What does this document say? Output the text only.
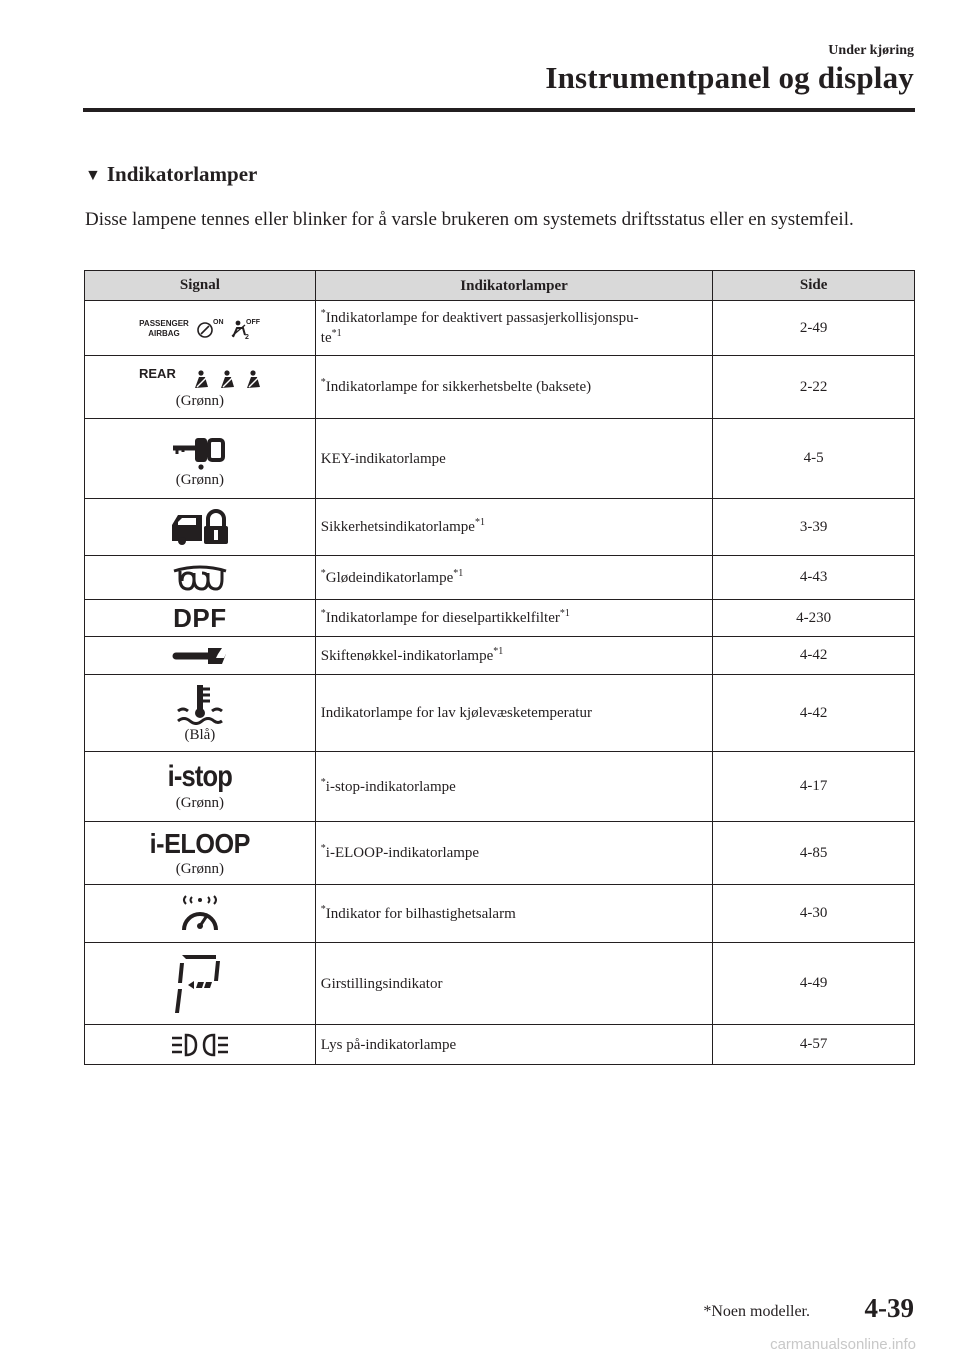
Under kjøring
Instrumentpanel og display
▼ Indikatorlamper

Disse lampene tennes eller blinker for å varsle brukeren om systemets driftsstatus eller en systemfeil.

Signal	Indikatorlamper	Side

PASSENGER
AIRBAG
ON OFF
2	*Indikatorlampe for deaktivert passasjerkollisjonspu-
$te^{*1}$	2-49

REAR
(Grønn)	*Indikatorlampe for sikkerhetsbelte (baksete)	2-22

(Grønn)	KEY-indikatorlampe	4-5

	Sikkerhetsindikatorlampe$^{*1}$	3-39

	*Glødeindikatorlampe$^{*1}$	4-43

DPF	*Indikatorlampe for dieselpartikkelfilter$^{*1}$	4-230

	Skiftenøkkel-indikatorlampe$^{*1}$	4-42

(Blå)	Indikatorlampe for lav kjølevæsketemperatur	4-42

i-stop
(Grønn)	*i-stop-indikatorlampe	4-17

i-ELOOP
(Grønn)	*i-ELOOP-indikatorlampe	4-85

	*Indikator for bilhastighetsalarm	4-30

	Girstillingsindikator	4-49

	Lys på-indikatorlampe	4-57
*Noen modeller. 4-39
carmanualsonline.info
